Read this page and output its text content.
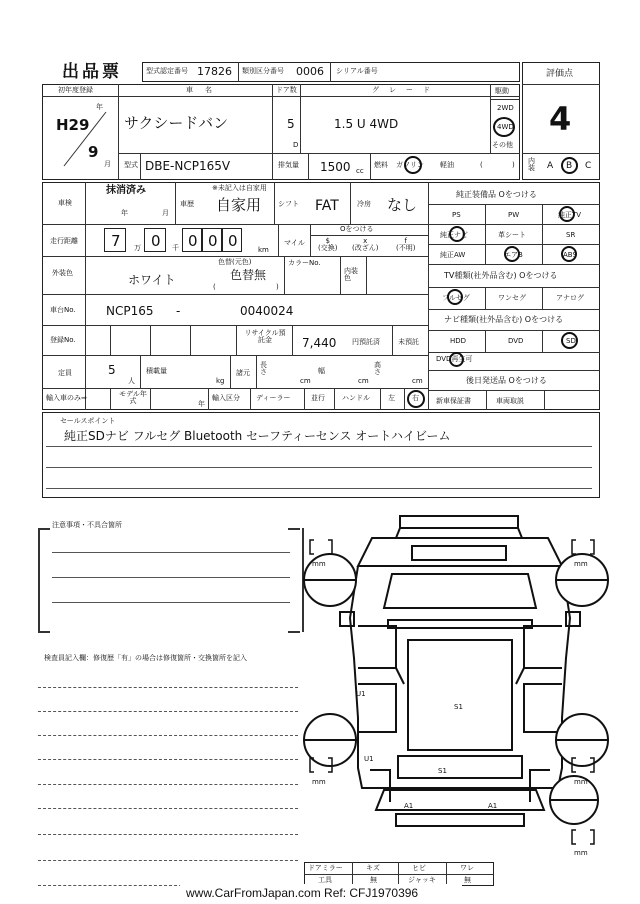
出品票	型式認定番号 17826 類別区分番号 0006 シリアル番号	評価点
4
内装 A B C
初年度登録
H29
年
9
月
車名
サクシードバン
ドア数
5
D
グレード
1.5 U 4WD
駆動
2WD
4WD
その他
型式 DBE-NCP165V	排気量 1500 cc
燃料 ガソリン 軽油	(	)
車検
抹消済み
年	月
※未記入は自家用
車歴 自家用 シフト FAT	冷房 なし
走行距離 7 万 0 千 0 0 0	km
マイル
Oをつける
$
(交換)
x
(改ざん)
f
(不明)
外装色	ホワイト
色替(元色)
色替無
(	)
カラーNo.
内装色
車台No.	NCP165 -	0040024
登録No.
リサイクル預託金	7,440 円預託済	未預託
定員	5
人
積載量
kg
諸元
長さ
cm
幅
cm
高さ
cm
輸入車のみ⇒	モデル年式	年
輸入区分 ディーラー	並行 ハンドル	左 右
純正装備品 Oをつける
PS	PW	純正TV
純正ナビ	革シート	SR
純正AW	エアB	ABS
TV種類(社外品含む) Oをつける
フルセグ	ワンセグ	アナログ
ナビ種類(社外品含む) Oをつける
HDD	DVD	SD
DVD再生可
後日発送品 Oをつける
新車保証書	車両取説
セールスポイント
純正SDナビ フルセグ Bluetooth セーフティーセンス オートハイビーム
注意事項・不具合箇所
検査員記入欄：修復歴「有」の場合は修復箇所・交換箇所を記入
mm	mm
mm	mm
mm
U1
S1
U1
S1
A1	A1
ドアミラー	キズ	ヒビ	ワレ
工具	無	ジャッキ	無
www.CarFromJapan.com Ref: CFJ1970396
